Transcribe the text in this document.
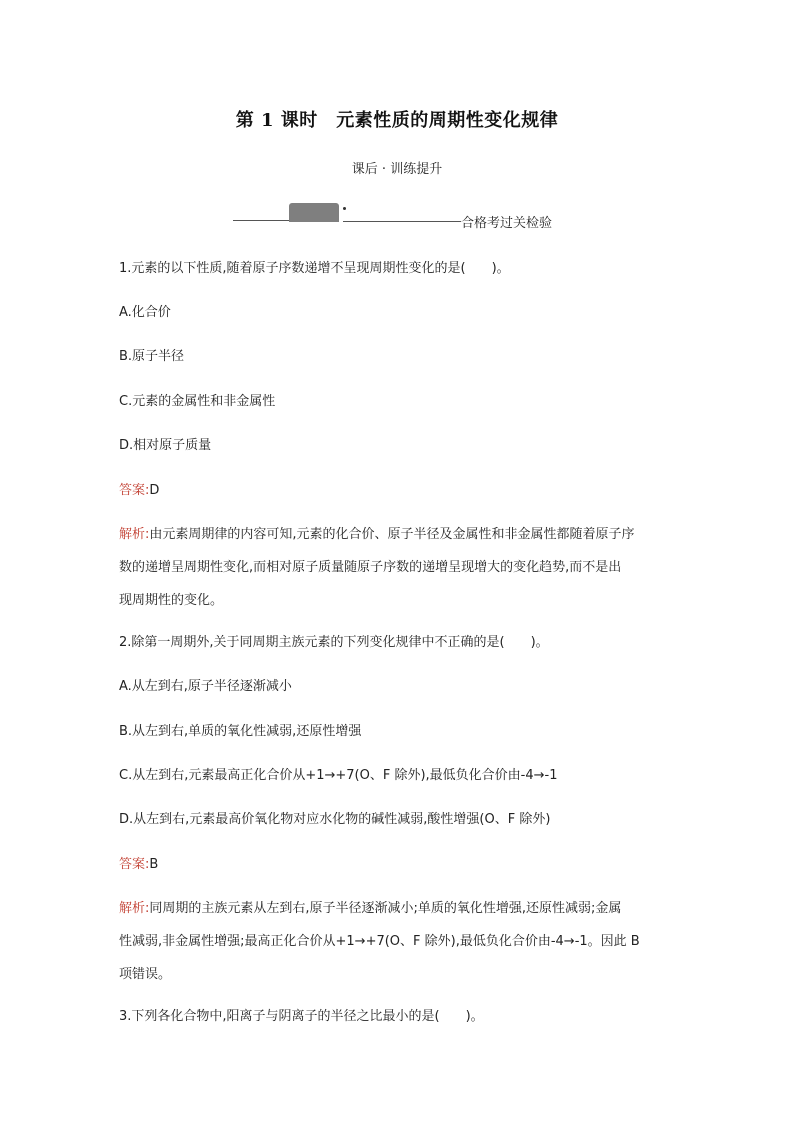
第 1 课时　元素性质的周期性变化规律
课后 · 训练提升
合格考过关检验
1.元素的以下性质,随着原子序数递增不呈现周期性变化的是(　　)。
A.化合价
B.原子半径
C.元素的金属性和非金属性
D.相对原子质量
答案:D
解析:由元素周期律的内容可知,元素的化合价、原子半径及金属性和非金属性都随着原子序
数的递增呈周期性变化,而相对原子质量随原子序数的递增呈现增大的变化趋势,而不是出
现周期性的变化。
2.除第一周期外,关于同周期主族元素的下列变化规律中不正确的是(　　)。
A.从左到右,原子半径逐渐减小
B.从左到右,单质的氧化性减弱,还原性增强
C.从左到右,元素最高正化合价从+1→+7(O、F 除外),最低负化合价由-4→-1
D.从左到右,元素最高价氧化物对应水化物的碱性减弱,酸性增强(O、F 除外)
答案:B
解析:同周期的主族元素从左到右,原子半径逐渐减小;单质的氧化性增强,还原性减弱;金属
性减弱,非金属性增强;最高正化合价从+1→+7(O、F 除外),最低负化合价由-4→-1。因此 B
项错误。
3.下列各化合物中,阳离子与阴离子的半径之比最小的是(　　)。
